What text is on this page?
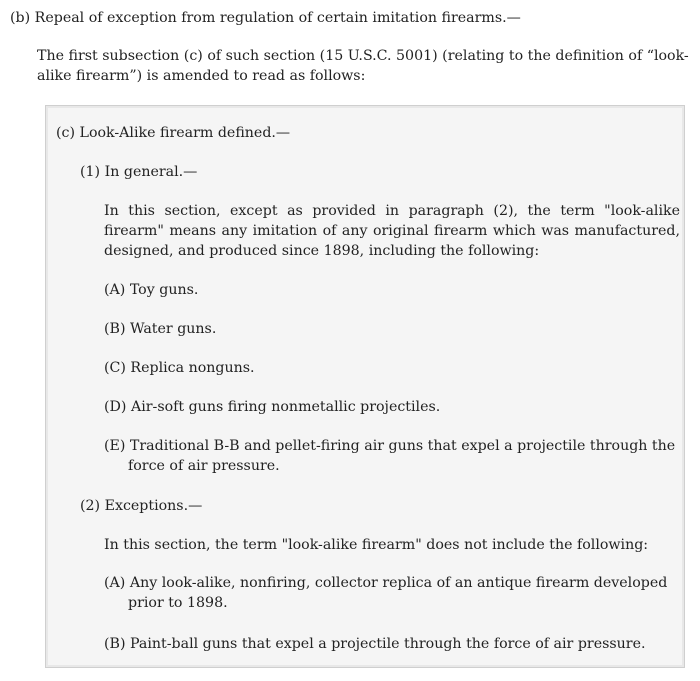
(b) Repeal of exception from regulation of certain imitation firearms.—
The first subsection (c) of such section (15 U.S.C. 5001) (relating to the definition of “look-alike firearm”) is amended to read as follows:
(c) Look-Alike firearm defined.—
(1) In general.—
In this section, except as provided in paragraph (2), the term "look-alike firearm" means any imitation of any original firearm which was manufactured, designed, and produced since 1898, including the following:
(A) Toy guns.
(B) Water guns.
(C) Replica nonguns.
(D) Air-soft guns firing nonmetallic projectiles.
(E) Traditional B-B and pellet-firing air guns that expel a projectile through the force of air pressure.
(2) Exceptions.—
In this section, the term "look-alike firearm" does not include the following:
(A) Any look-alike, nonfiring, collector replica of an antique firearm developed prior to 1898.
(B) Paint-ball guns that expel a projectile through the force of air pressure.
